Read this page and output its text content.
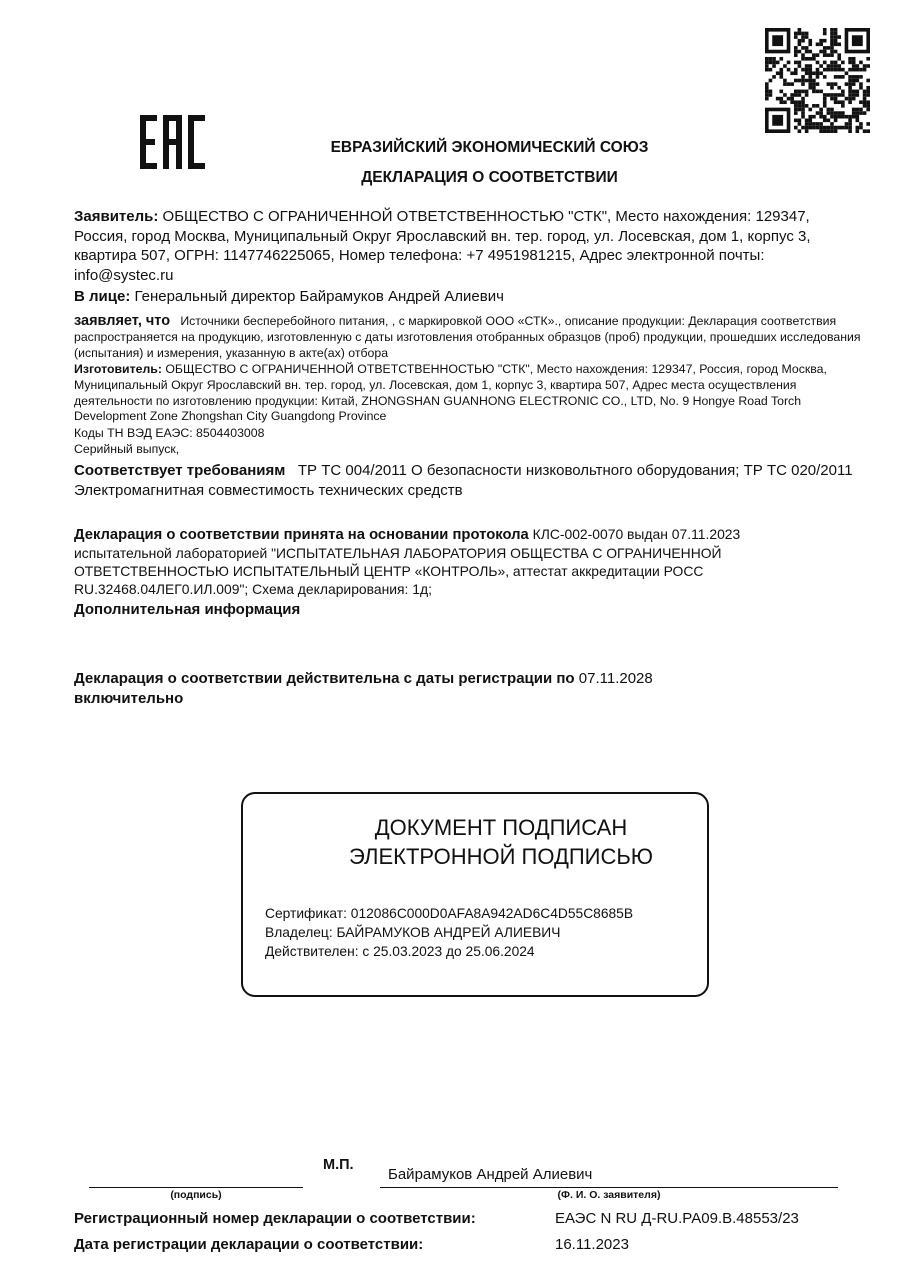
ЕВРАЗИЙСКИЙ ЭКОНОМИЧЕСКИЙ СОЮЗ
ДЕКЛАРАЦИЯ О СООТВЕТСТВИИ
Заявитель: ОБЩЕСТВО С ОГРАНИЧЕННОЙ ОТВЕТСТВЕННОСТЬЮ "СТК", Место нахождения: 129347, Россия, город Москва, Муниципальный Округ Ярославский вн. тер. город, ул. Лосевская, дом 1, корпус 3, квартира 507, ОГРН: 1147746225065, Номер телефона: +7 4951981215, Адрес электронной почты: info@systec.ru
В лице: Генеральный директор Байрамуков Андрей Алиевич
заявляет, что Источники бесперебойного питания, , с маркировкой ООО «СТК»., описание продукции: Декларация соответствия распространяется на продукцию, изготовленную с даты изготовления отобранных образцов (проб) продукции, прошедших исследования (испытания) и измерения, указанную в акте(ах) отбора
Изготовитель: ОБЩЕСТВО С ОГРАНИЧЕННОЙ ОТВЕТСТВЕННОСТЬЮ "СТК", Место нахождения: 129347, Россия, город Москва, Муниципальный Округ Ярославский вн. тер. город, ул. Лосевская, дом 1, корпус 3, квартира 507, Адрес места осуществления деятельности по изготовлению продукции: Китай, ZHONGSHAN GUANHONG ELECTRONIC CO., LTD, No. 9 Hongye Road Torch Development Zone Zhongshan City Guangdong Province
Коды ТН ВЭД ЕАЭС: 8504403008
Серийный выпуск,
Соответствует требованиям ТР ТС 004/2011 О безопасности низковольтного оборудования; ТР ТС 020/2011 Электромагнитная совместимость технических средств
Декларация о соответствии принята на основании протокола КЛС-002-0070 выдан 07.11.2023 испытательной лабораторией "ИСПЫТАТЕЛЬНАЯ ЛАБОРАТОРИЯ ОБЩЕСТВА С ОГРАНИЧЕННОЙ ОТВЕТСТВЕННОСТЬЮ ИСПЫТАТЕЛЬНЫЙ ЦЕНТР «КОНТРОЛЬ», аттестат аккредитации РОСС RU.32468.04ЛЕГ0.ИЛ.009"; Схема декларирования: 1д;
Дополнительная информация
Декларация о соответствии действительна с даты регистрации по 07.11.2028 включительно
ДОКУМЕНТ ПОДПИСАН
ЭЛЕКТРОННОЙ ПОДПИСЬЮ
Сертификат: 012086C000D0AFA8A942AD6C4D55C8685B
Владелец: БАЙРАМУКОВ АНДРЕЙ АЛИЕВИЧ
Действителен: с 25.03.2023 до 25.06.2024
М.П.
Байрамуков Андрей Алиевич
(подпись)	(Ф. И. О. заявителя)
Регистрационный номер декларации о соответствии:	ЕАЭС N RU Д-RU.РА09.В.48553/23
Дата регистрации декларации о соответствии:	16.11.2023
